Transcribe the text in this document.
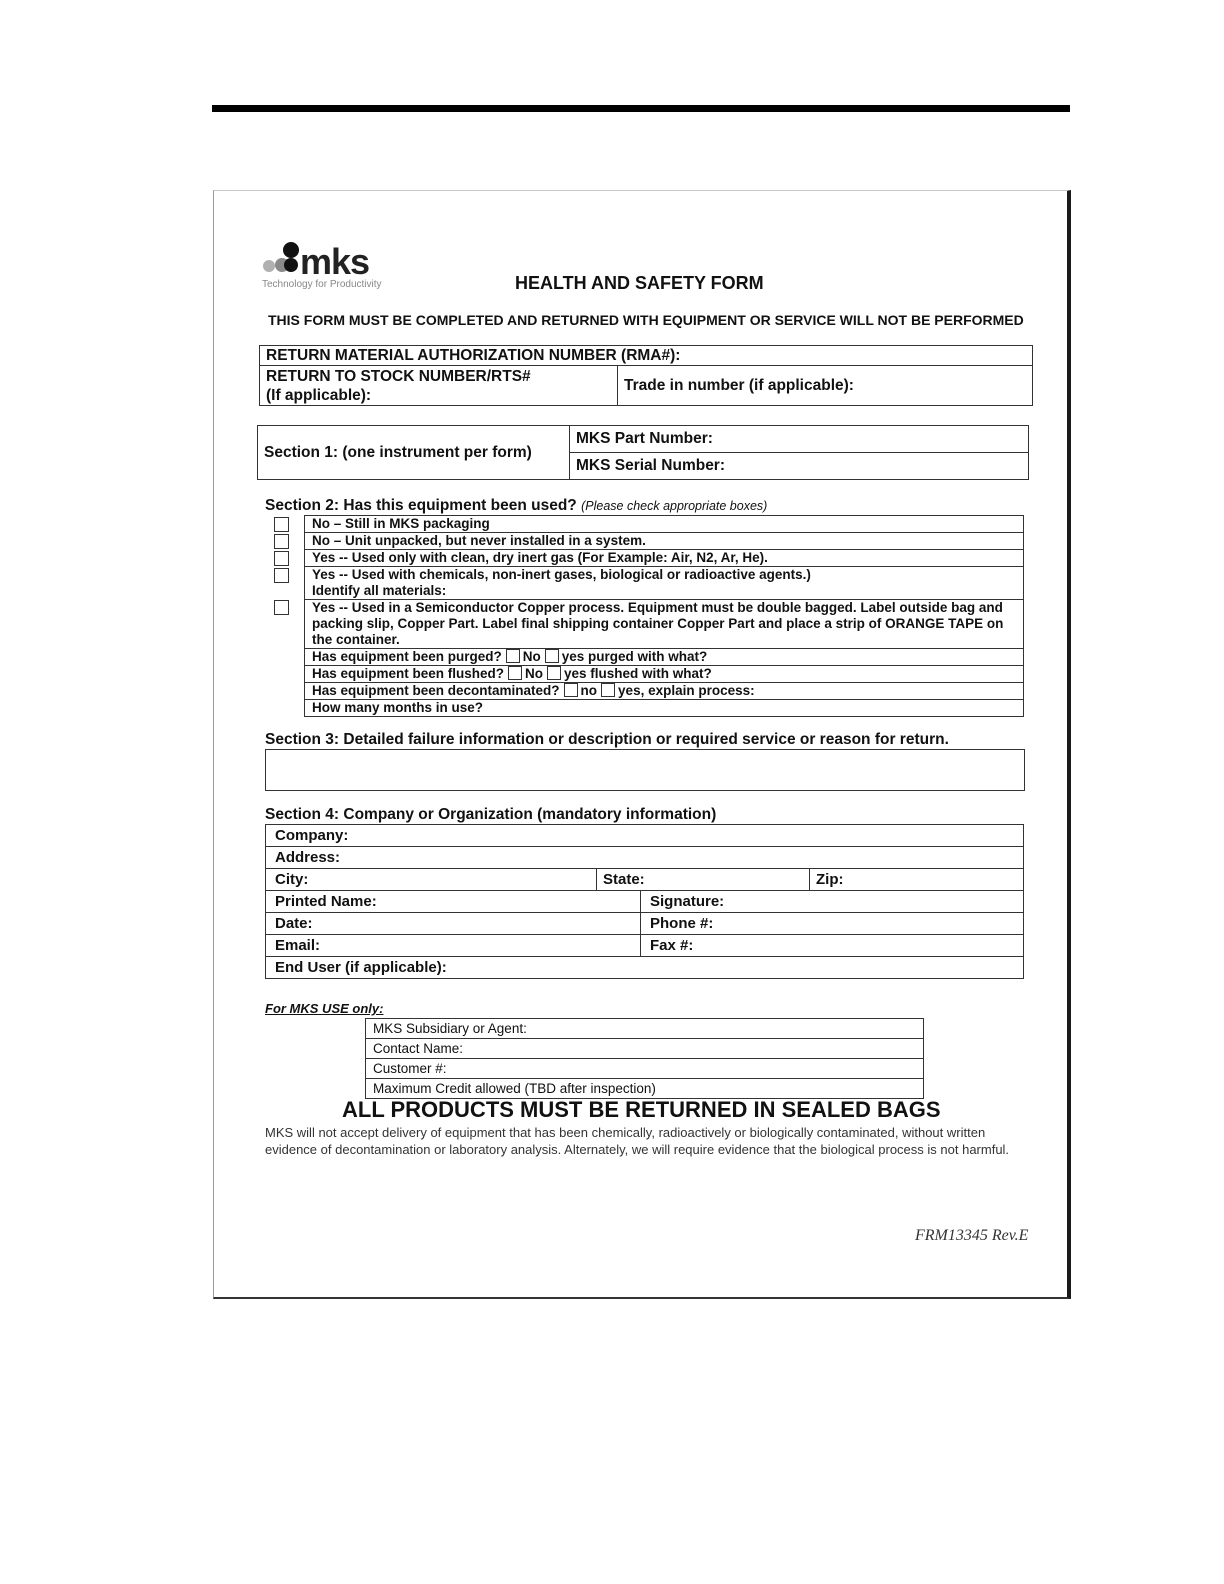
mks
Technology for Productivity	HEALTH AND SAFETY FORM
THIS FORM MUST BE COMPLETED AND RETURNED WITH EQUIPMENT OR SERVICE WILL NOT BE PERFORMED
RETURN MATERIAL AUTHORIZATION NUMBER (RMA#):

RETURN TO STOCK NUMBER/RTS#
(If applicable):
	Trade in number (if applicable):
Section 1: (one instrument per form)	MKS Part Number:
MKS Serial Number:
Section 2: Has this equipment been used? (Please check appropriate boxes)
No – Still in MKS packaging
No – Unit unpacked, but never installed in a system.
Yes -- Used only with clean, dry inert gas (For Example: Air, N2, Ar, He).

Yes -- Used with chemicals, non-inert gases, biological or radioactive agents.)
Identify all materials:

Yes -- Used in a Semiconductor Copper process. Equipment must be double bagged. Label outside bag and packing slip, Copper Part. Label final shipping container Copper Part and place a strip of ORANGE TAPE on the container.
Has equipment been purged? No yes purged with what?
Has equipment been flushed? No yes flushed with what?
Has equipment been decontaminated? no yes, explain process:
How many months in use?
Section 3: Detailed failure information or description or required service or reason for return.
Section 4: Company or Organization (mandatory information)
Company:
Address:

City:	State:	Zip:

Printed Name:	Signature:
Date:	Phone #:
Email:	Fax #:
End User (if applicable):
For MKS USE only:
MKS Subsidiary or Agent:
Contact Name:
Customer #:
Maximum Credit allowed (TBD after inspection)
ALL PRODUCTS MUST BE RETURNED IN SEALED BAGS
MKS will not accept delivery of equipment that has been chemically, radioactively or biologically contaminated, without written evidence of decontamination or laboratory analysis. Alternately, we will require evidence that the biological process is not harmful.
FRM13345 Rev.E
